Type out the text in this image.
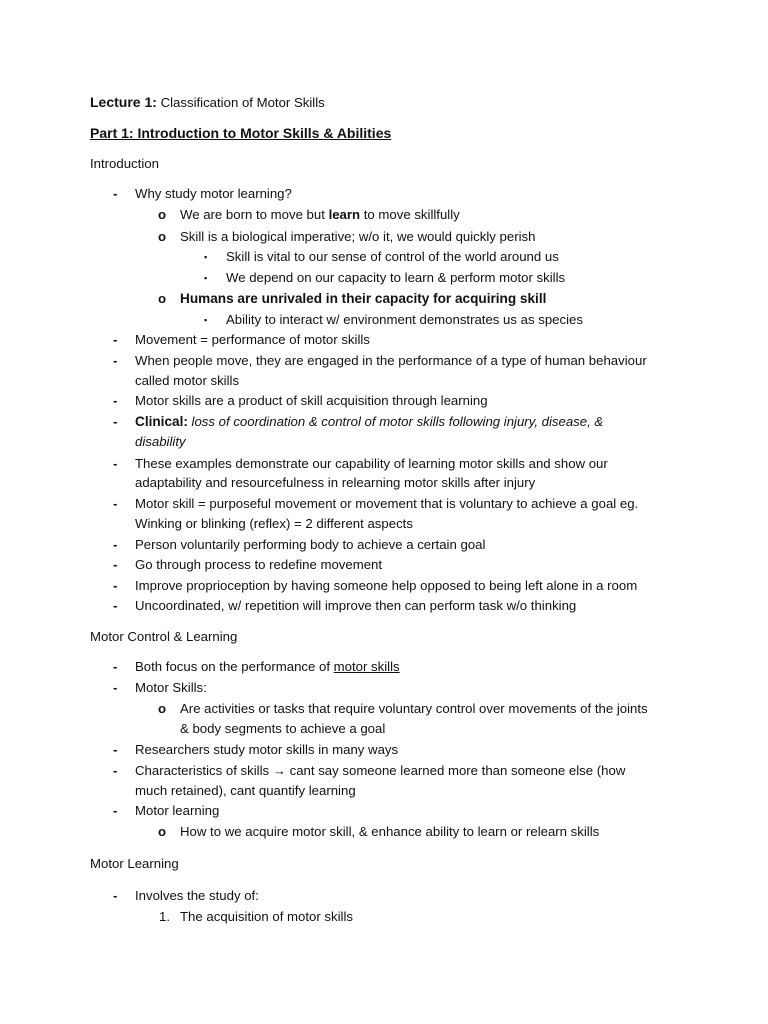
Lecture 1: Classification of Motor Skills
Part 1: Introduction to Motor Skills & Abilities
Introduction
- Why study motor learning?
o We are born to move but learn to move skillfully
o Skill is a biological imperative; w/o it, we would quickly perish
▪ Skill is vital to our sense of control of the world around us
▪ We depend on our capacity to learn & perform motor skills
o Humans are unrivaled in their capacity for acquiring skill
▪ Ability to interact w/ environment demonstrates us as species
- Movement = performance of motor skills
- When people move, they are engaged in the performance of a type of human behaviour
called motor skills
- Motor skills are a product of skill acquisition through learning
- Clinical: loss of coordination & control of motor skills following injury, disease, &
disability
- These examples demonstrate our capability of learning motor skills and show our
adaptability and resourcefulness in relearning motor skills after injury
- Motor skill = purposeful movement or movement that is voluntary to achieve a goal eg.
Winking or blinking (reflex) = 2 different aspects
- Person voluntarily performing body to achieve a certain goal
- Go through process to redefine movement
- Improve proprioception by having someone help opposed to being left alone in a room
- Uncoordinated, w/ repetition will improve then can perform task w/o thinking
Motor Control & Learning
- Both focus on the performance of motor skills
- Motor Skills:
o Are activities or tasks that require voluntary control over movements of the joints
& body segments to achieve a goal
- Researchers study motor skills in many ways
- Characteristics of skills → cant say someone learned more than someone else (how
much retained), cant quantify learning
- Motor learning
o How to we acquire motor skill, & enhance ability to learn or relearn skills
Motor Learning
- Involves the study of:
1. The acquisition of motor skills
